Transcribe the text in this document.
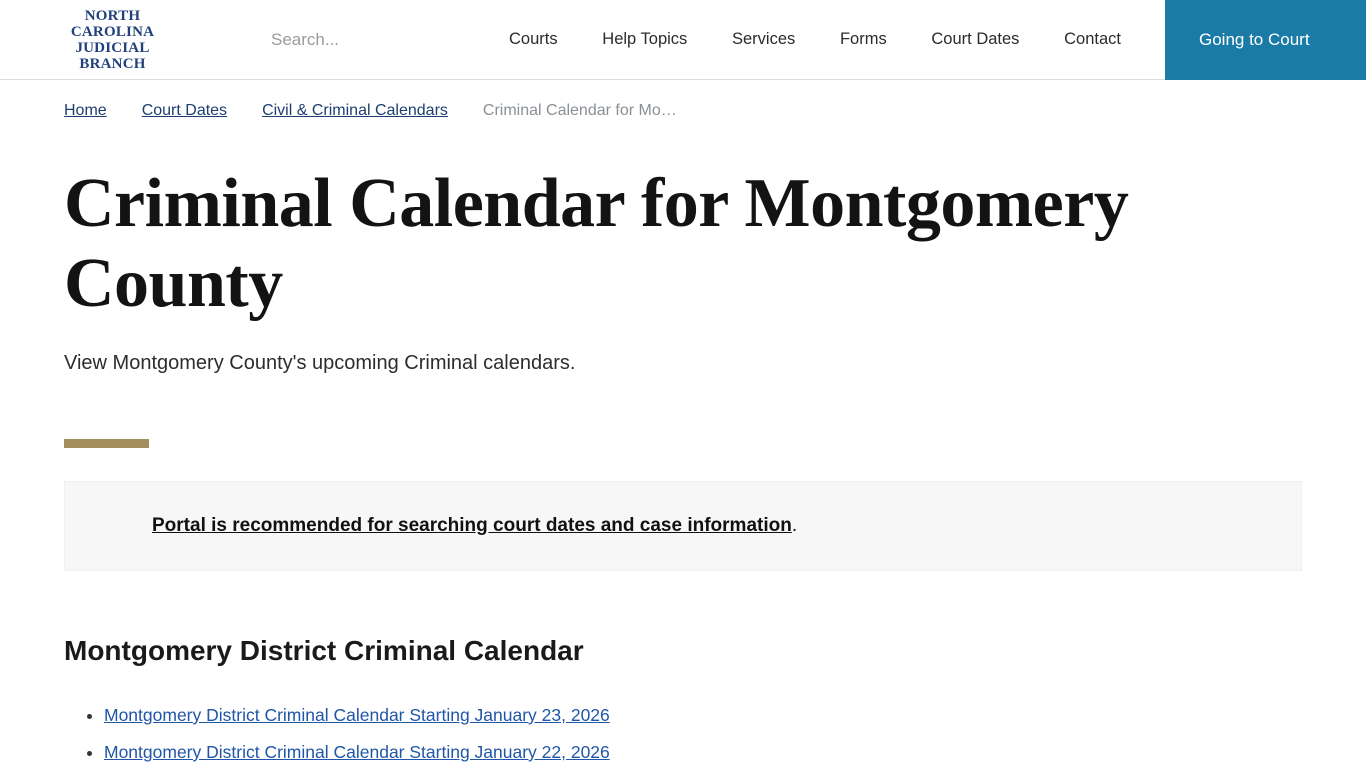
NORTH
CAROLINA
JUDICIAL
BRANCH
Search...
Courts	Help Topics	Services	Forms	Court Dates	Contact	Going to Court
Home Court Dates Civil & Criminal Calendars Criminal Calendar for Mo…
Criminal Calendar for Montgomery County

View Montgomery County's upcoming Criminal calendars.

Portal is recommended for searching court dates and case information.
Montgomery District Criminal Calendar
• Montgomery District Criminal Calendar Starting January 23, 2026
• Montgomery District Criminal Calendar Starting January 22, 2026
